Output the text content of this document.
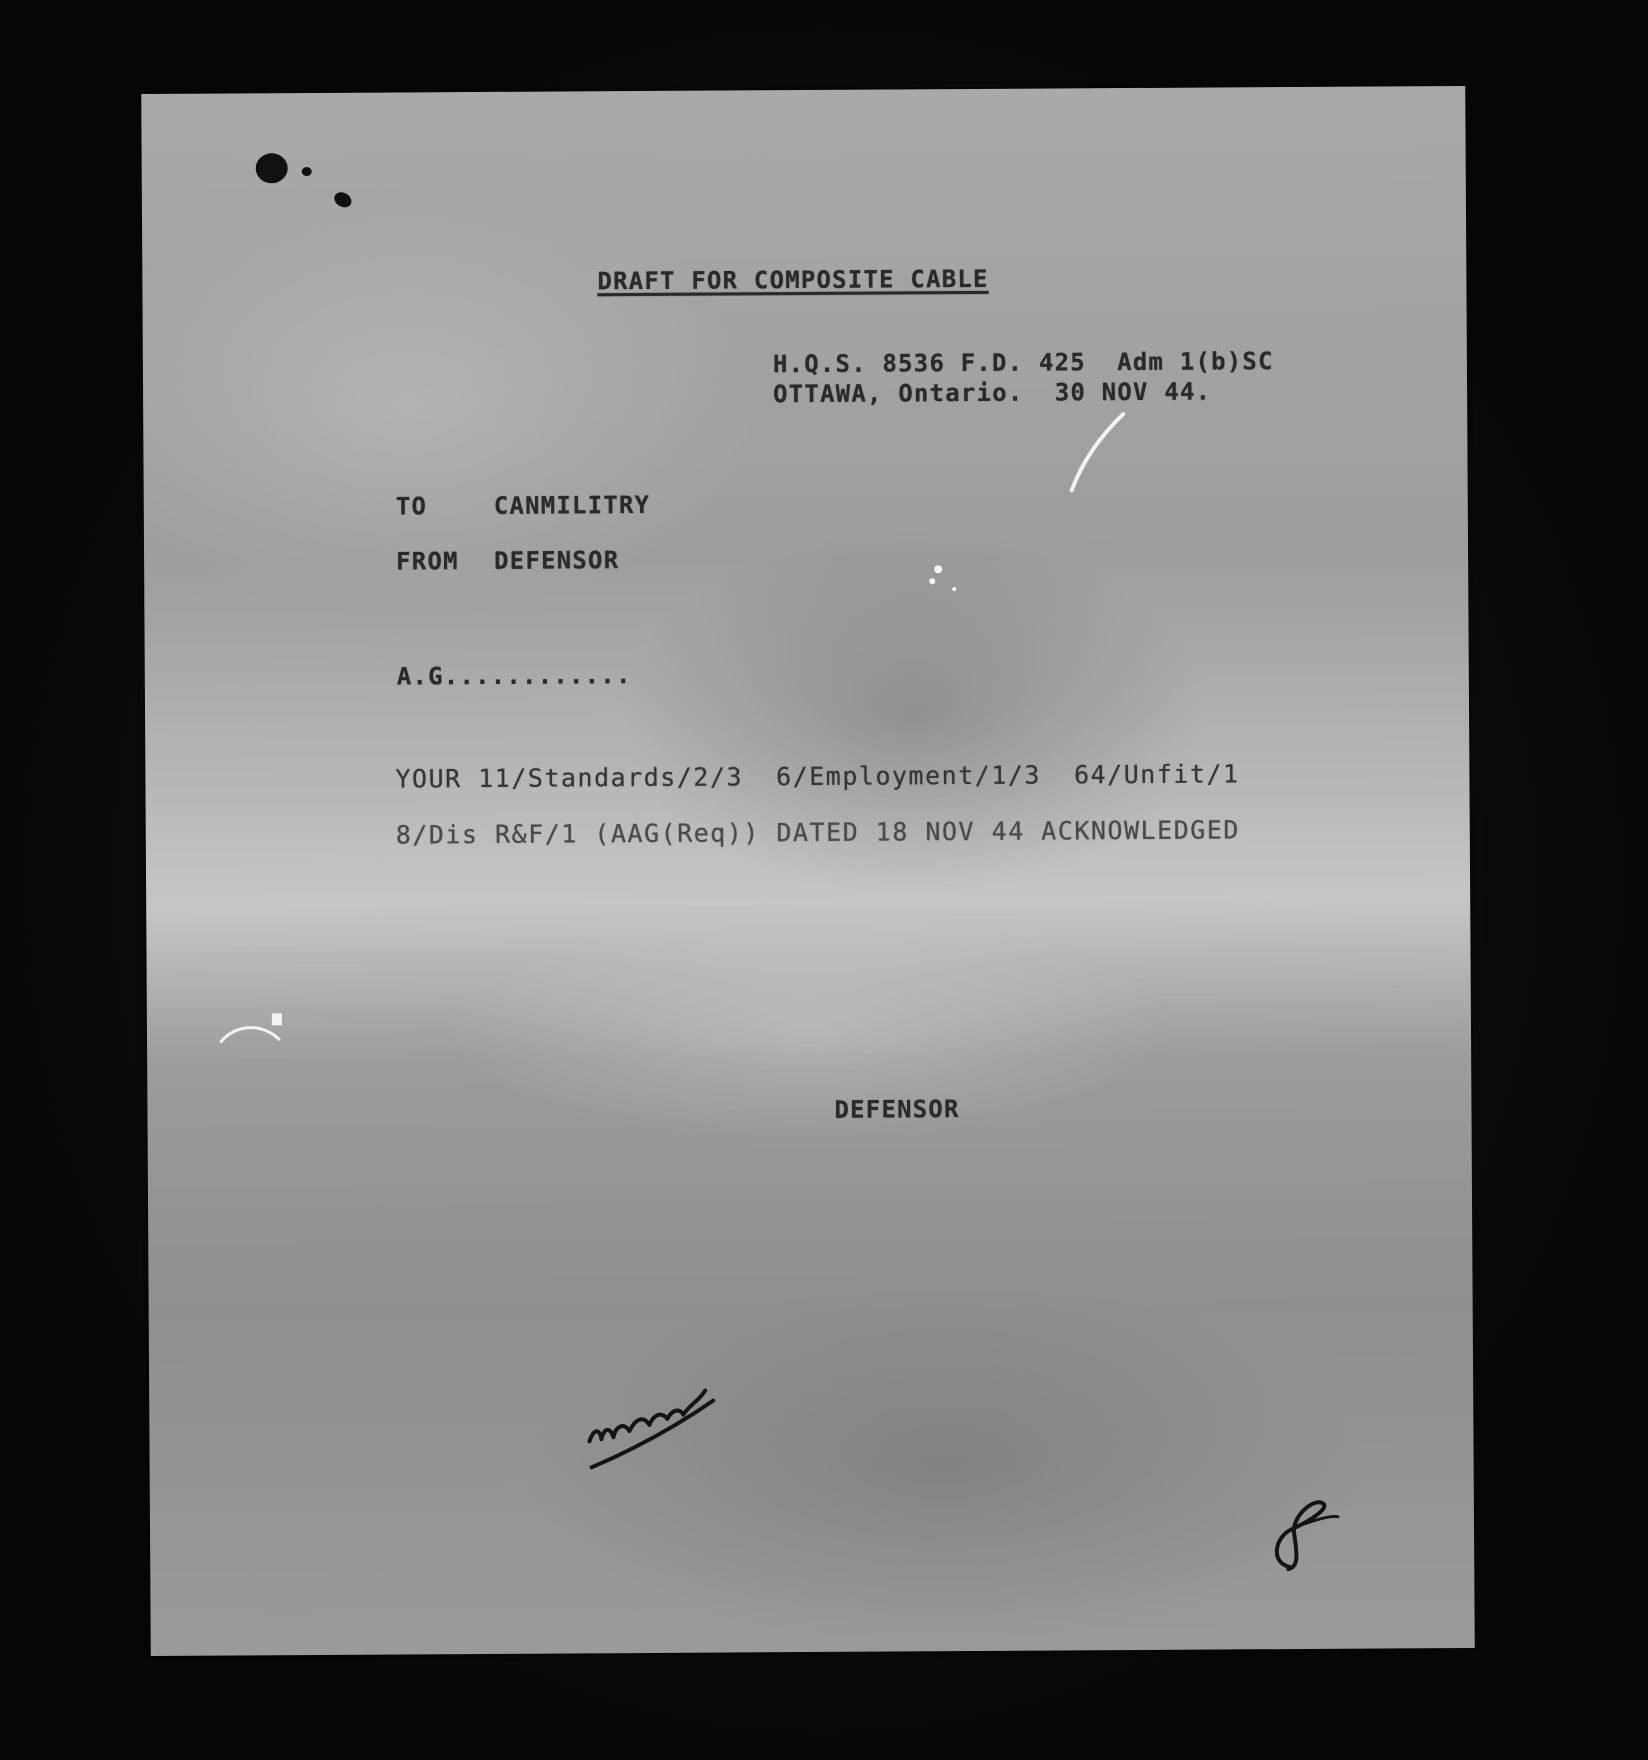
DRAFT FOR COMPOSITE CABLE
H.Q.S. 8536 F.D. 425  Adm 1(b)SC
OTTAWA, Ontario.  30 NOV 44.
TO	CANMILITRY
FROM DEFENSOR
A.G............
YOUR 11/Standards/2/3  6/Employment/1/3  64/Unfit/1
8/Dis R&F/1 (AAG(Req)) DATED 18 NOV 44 ACKNOWLEDGED
DEFENSOR
